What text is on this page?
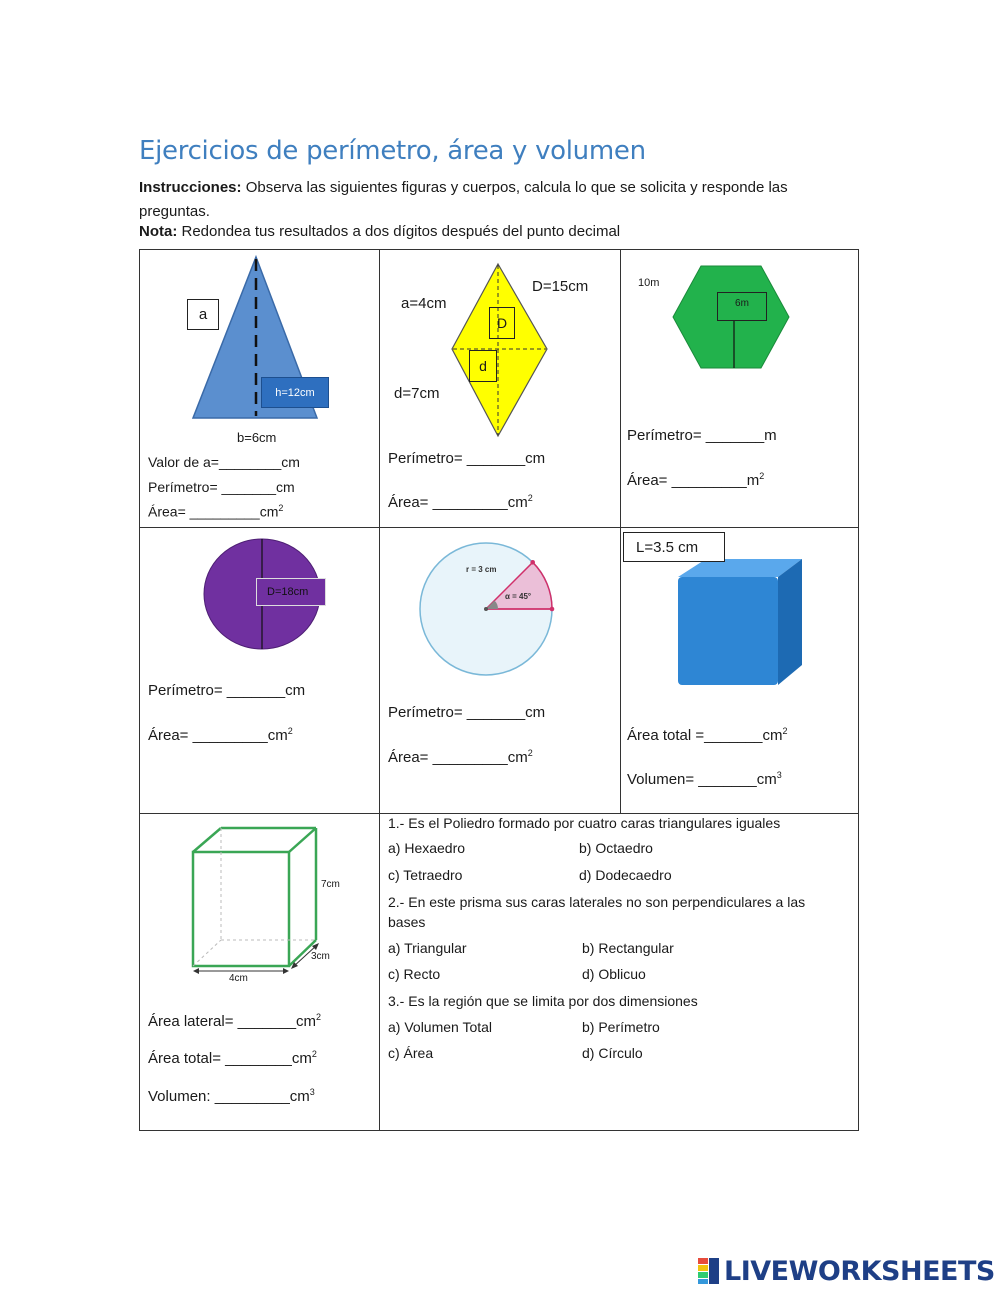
Ejercicios de perímetro, área y volumen
Instrucciones: Observa las siguientes figuras y cuerpos, calcula lo que se solicita y responde las preguntas.
Nota: Redondea tus resultados a dos dígitos después del punto decimal
a
h=12cm
b=6cm
Valor de a=________cm
Perímetro= _______cm
Área= $\_\_\_\_\_\_\_\_\_cm^2$
a=4cm
D=15cm
D
d
d=7cm
Perímetro= _______cm
Área= $\_\_\_\_\_\_\_\_\_cm^2$
10m
6m
Perímetro= _______m
Área= $\_\_\_\_\_\_\_\_\_m^2$
D=18cm
Perímetro= _______cm
Área= $\_\_\_\_\_\_\_\_\_cm^2$
r = 3 cm
α = 45°
Perímetro= _______cm
Área= $\_\_\_\_\_\_\_\_\_cm^2$
L=3.5 cm
Área total $=\_\_\_\_\_\_\_cm^2$
Volumen= $\_\_\_\_\_\_\_cm^3$
7cm
3cm
4cm
Área lateral= $\_\_\_\_\_\_\_cm^2$
Área total= $\_\_\_\_\_\_\_\_cm^2$
Volumen: $\_\_\_\_\_\_\_\_\_cm^3$
1.- Es el Poliedro formado por cuatro caras triangulares iguales
a) Hexaedro	b) Octaedro
c) Tetraedro	d) Dodecaedro
2.- En este prisma sus caras laterales no son perpendiculares a las bases
a) Triangular	b) Rectangular
c) Recto	d) Oblicuo
3.- Es la región que se limita por dos dimensiones
a) Volumen Total	b) Perímetro
c) Área	d) Círculo
LIVEWORKSHEETS
